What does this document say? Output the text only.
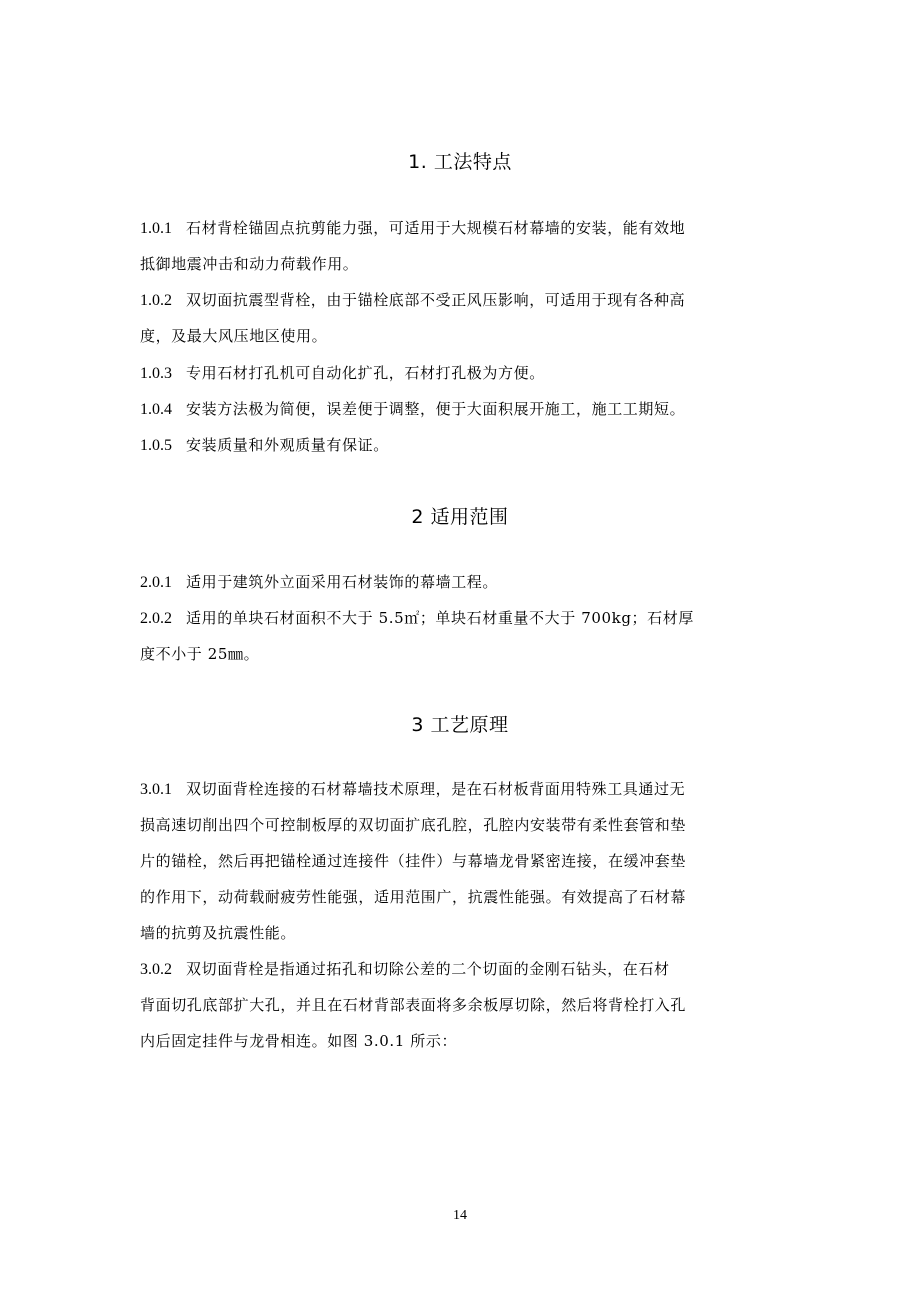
1. 工法特点
1.0.1 石材背栓锚固点抗剪能力强，可适用于大规模石材幕墙的安装，能有效地
抵御地震冲击和动力荷载作用。
1.0.2 双切面抗震型背栓，由于锚栓底部不受正风压影响，可适用于现有各种高
度，及最大风压地区使用。
1.0.3 专用石材打孔机可自动化扩孔，石材打孔极为方便。
1.0.4 安装方法极为简便，误差便于调整，便于大面积展开施工，施工工期短。
1.0.5 安装质量和外观质量有保证。
2 适用范围
2.0.1 适用于建筑外立面采用石材装饰的幕墙工程。
2.0.2 适用的单块石材面积不大于 5.5㎡；单块石材重量不大于 700kg；石材厚
度不小于 25㎜。
3 工艺原理
3.0.1 双切面背栓连接的石材幕墙技术原理，是在石材板背面用特殊工具通过无
损高速切削出四个可控制板厚的双切面扩底孔腔，孔腔内安装带有柔性套管和垫
片的锚栓，然后再把锚栓通过连接件（挂件）与幕墙龙骨紧密连接，在缓冲套垫
的作用下，动荷载耐疲劳性能强，适用范围广，抗震性能强。有效提高了石材幕
墙的抗剪及抗震性能。
3.0.2 双切面背栓是指通过拓孔和切除公差的二个切面的金刚石钻头，在石材
背面切孔底部扩大孔，并且在石材背部表面将多余板厚切除，然后将背栓打入孔
内后固定挂件与龙骨相连。如图 3.0.1 所示：
14
